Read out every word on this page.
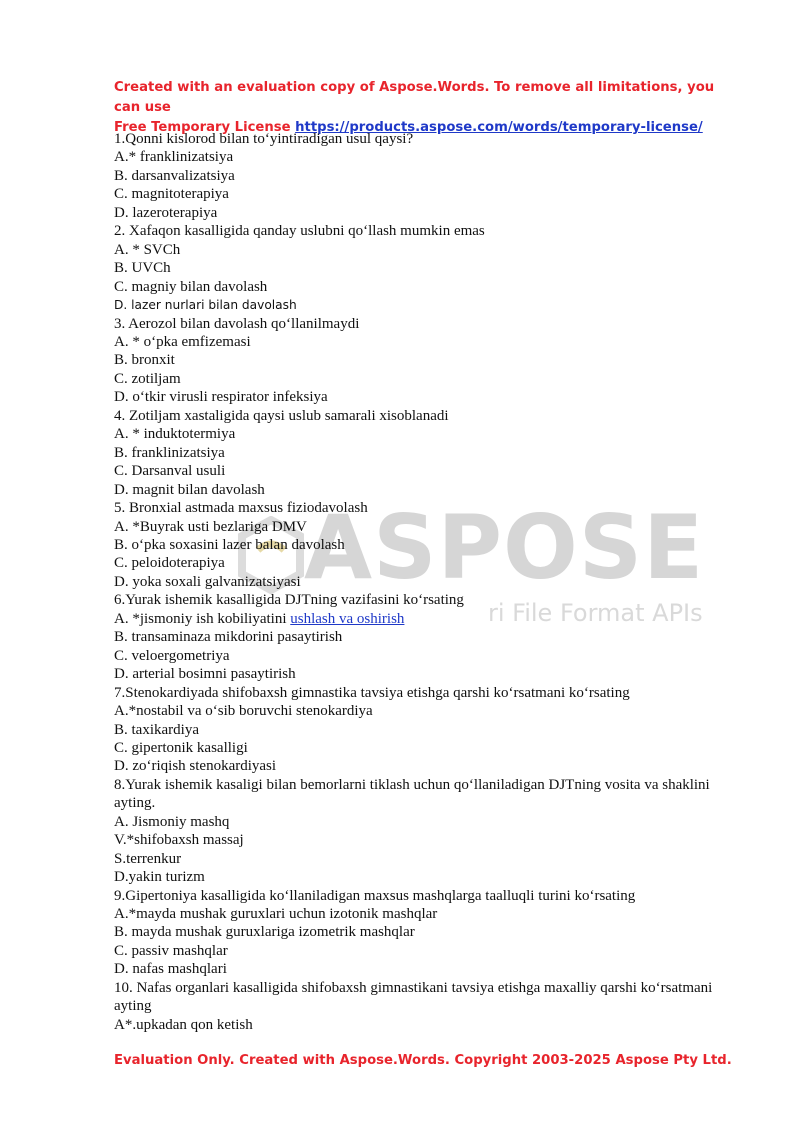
Created with an evaluation copy of Aspose.Words. To remove all limitations, you can use
Free Temporary License https://products.aspose.com/words/temporary-license/
ASPOSE
ri File Format APIs
1.Qonni kislorod bilan to‘yintiradigan usul qaysi?
A.* franklinizatsiya
B. darsanvalizatsiya
C. magnitoterapiya
D. lazeroterapiya
2. Xafaqon kasalligida qanday uslubni qo‘llash mumkin emas
A. * SVCh
B. UVCh
C. magniy bilan davolash
D. lazer nurlari bilan davolash
3. Aerozol bilan davolash qo‘llanilmaydi
A. * o‘pka emfizemasi
B. bronxit
C. zotiljam
D. o‘tkir virusli respirator infeksiya
4. Zotiljam xastaligida qaysi uslub samarali xisoblanadi
A. * induktotermiya
B. franklinizatsiya
C. Darsanval usuli
D. magnit bilan davolash
5. Bronxial astmada maxsus fiziodavolash
A. *Buyrak usti bezlariga DMV
B. o‘pka soxasini lazer balan davolash
C. peloidoterapiya
D. yoka soxali galvanizatsiyasi
6.Yurak ishemik kasalligida DJTning vazifasini ko‘rsating
A. *jismoniy ish kobiliyatini ushlash va oshirish
B. transaminaza mikdorini pasaytirish
C. veloergometriya
D. arterial bosimni pasaytirish
7.Stenokardiyada shifobaxsh gimnastika tavsiya etishga qarshi ko‘rsatmani ko‘rsating
A.*nostabil va o‘sib boruvchi stenokardiya
B. taxikardiya
C. gipertonik kasalligi
D. zo‘riqish stenokardiyasi
8.Yurak ishemik kasaligi bilan bemorlarni tiklash uchun qo‘llaniladigan DJTning vosita va shaklini ayting.
A. Jismoniy mashq
V.*shifobaxsh massaj
S.terrenkur
D.yakin turizm
9.Gipertoniya kasalligida ko‘llaniladigan maxsus mashqlarga taalluqli turini ko‘rsating
A.*mayda mushak guruxlari uchun izotonik mashqlar
B. mayda mushak guruxlariga izometrik mashqlar
C. passiv mashqlar
D. nafas mashqlari
10. Nafas organlari kasalligida shifobaxsh gimnastikani tavsiya etishga maxalliy qarshi ko‘rsatmani ayting
A*.upkadan qon ketish
Evaluation Only. Created with Aspose.Words. Copyright 2003-2025 Aspose Pty Ltd.
